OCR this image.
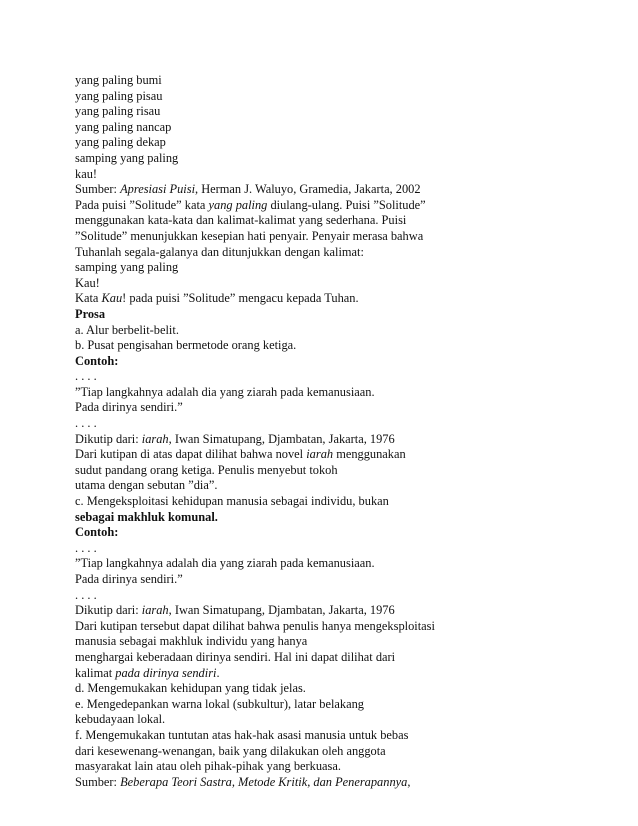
yang paling bumi
yang paling pisau
yang paling risau
yang paling nancap
yang paling dekap
samping yang paling
kau!
Sumber: Apresiasi Puisi, Herman J. Waluyo, Gramedia, Jakarta, 2002
Pada puisi ”Solitude” kata yang paling diulang-ulang. Puisi ”Solitude”
menggunakan kata-kata dan kalimat-kalimat yang sederhana. Puisi
”Solitude” menunjukkan kesepian hati penyair. Penyair merasa bahwa
Tuhanlah segala-galanya dan ditunjukkan dengan kalimat:
samping yang paling
Kau!
Kata Kau! pada puisi ”Solitude” mengacu kepada Tuhan.
Prosa
a. Alur berbelit-belit.
b. Pusat pengisahan bermetode orang ketiga.
Contoh:
. . . .
”Tiap langkahnya adalah dia yang ziarah pada kemanusiaan.
Pada dirinya sendiri.”
. . . .
Dikutip dari: iarah, Iwan Simatupang, Djambatan, Jakarta, 1976
Dari kutipan di atas dapat dilihat bahwa novel iarah menggunakan
sudut pandang orang ketiga. Penulis menyebut tokoh
utama dengan sebutan ”dia”.
c. Mengeksploitasi kehidupan manusia sebagai individu, bukan
sebagai makhluk komunal.
Contoh:
. . . .
”Tiap langkahnya adalah dia yang ziarah pada kemanusiaan.
Pada dirinya sendiri.”
. . . .
Dikutip dari: iarah, Iwan Simatupang, Djambatan, Jakarta, 1976
Dari kutipan tersebut dapat dilihat bahwa penulis hanya mengeksploitasi
manusia sebagai makhluk individu yang hanya
menghargai keberadaan dirinya sendiri. Hal ini dapat dilihat dari
kalimat pada dirinya sendiri.
d. Mengemukakan kehidupan yang tidak jelas.
e. Mengedepankan warna lokal (subkultur), latar belakang
kebudayaan lokal.
f. Mengemukakan tuntutan atas hak-hak asasi manusia untuk bebas
dari kesewenang-wenangan, baik yang dilakukan oleh anggota
masyarakat lain atau oleh pihak-pihak yang berkuasa.
Sumber: Beberapa Teori Sastra, Metode Kritik, dan Penerapannya,
